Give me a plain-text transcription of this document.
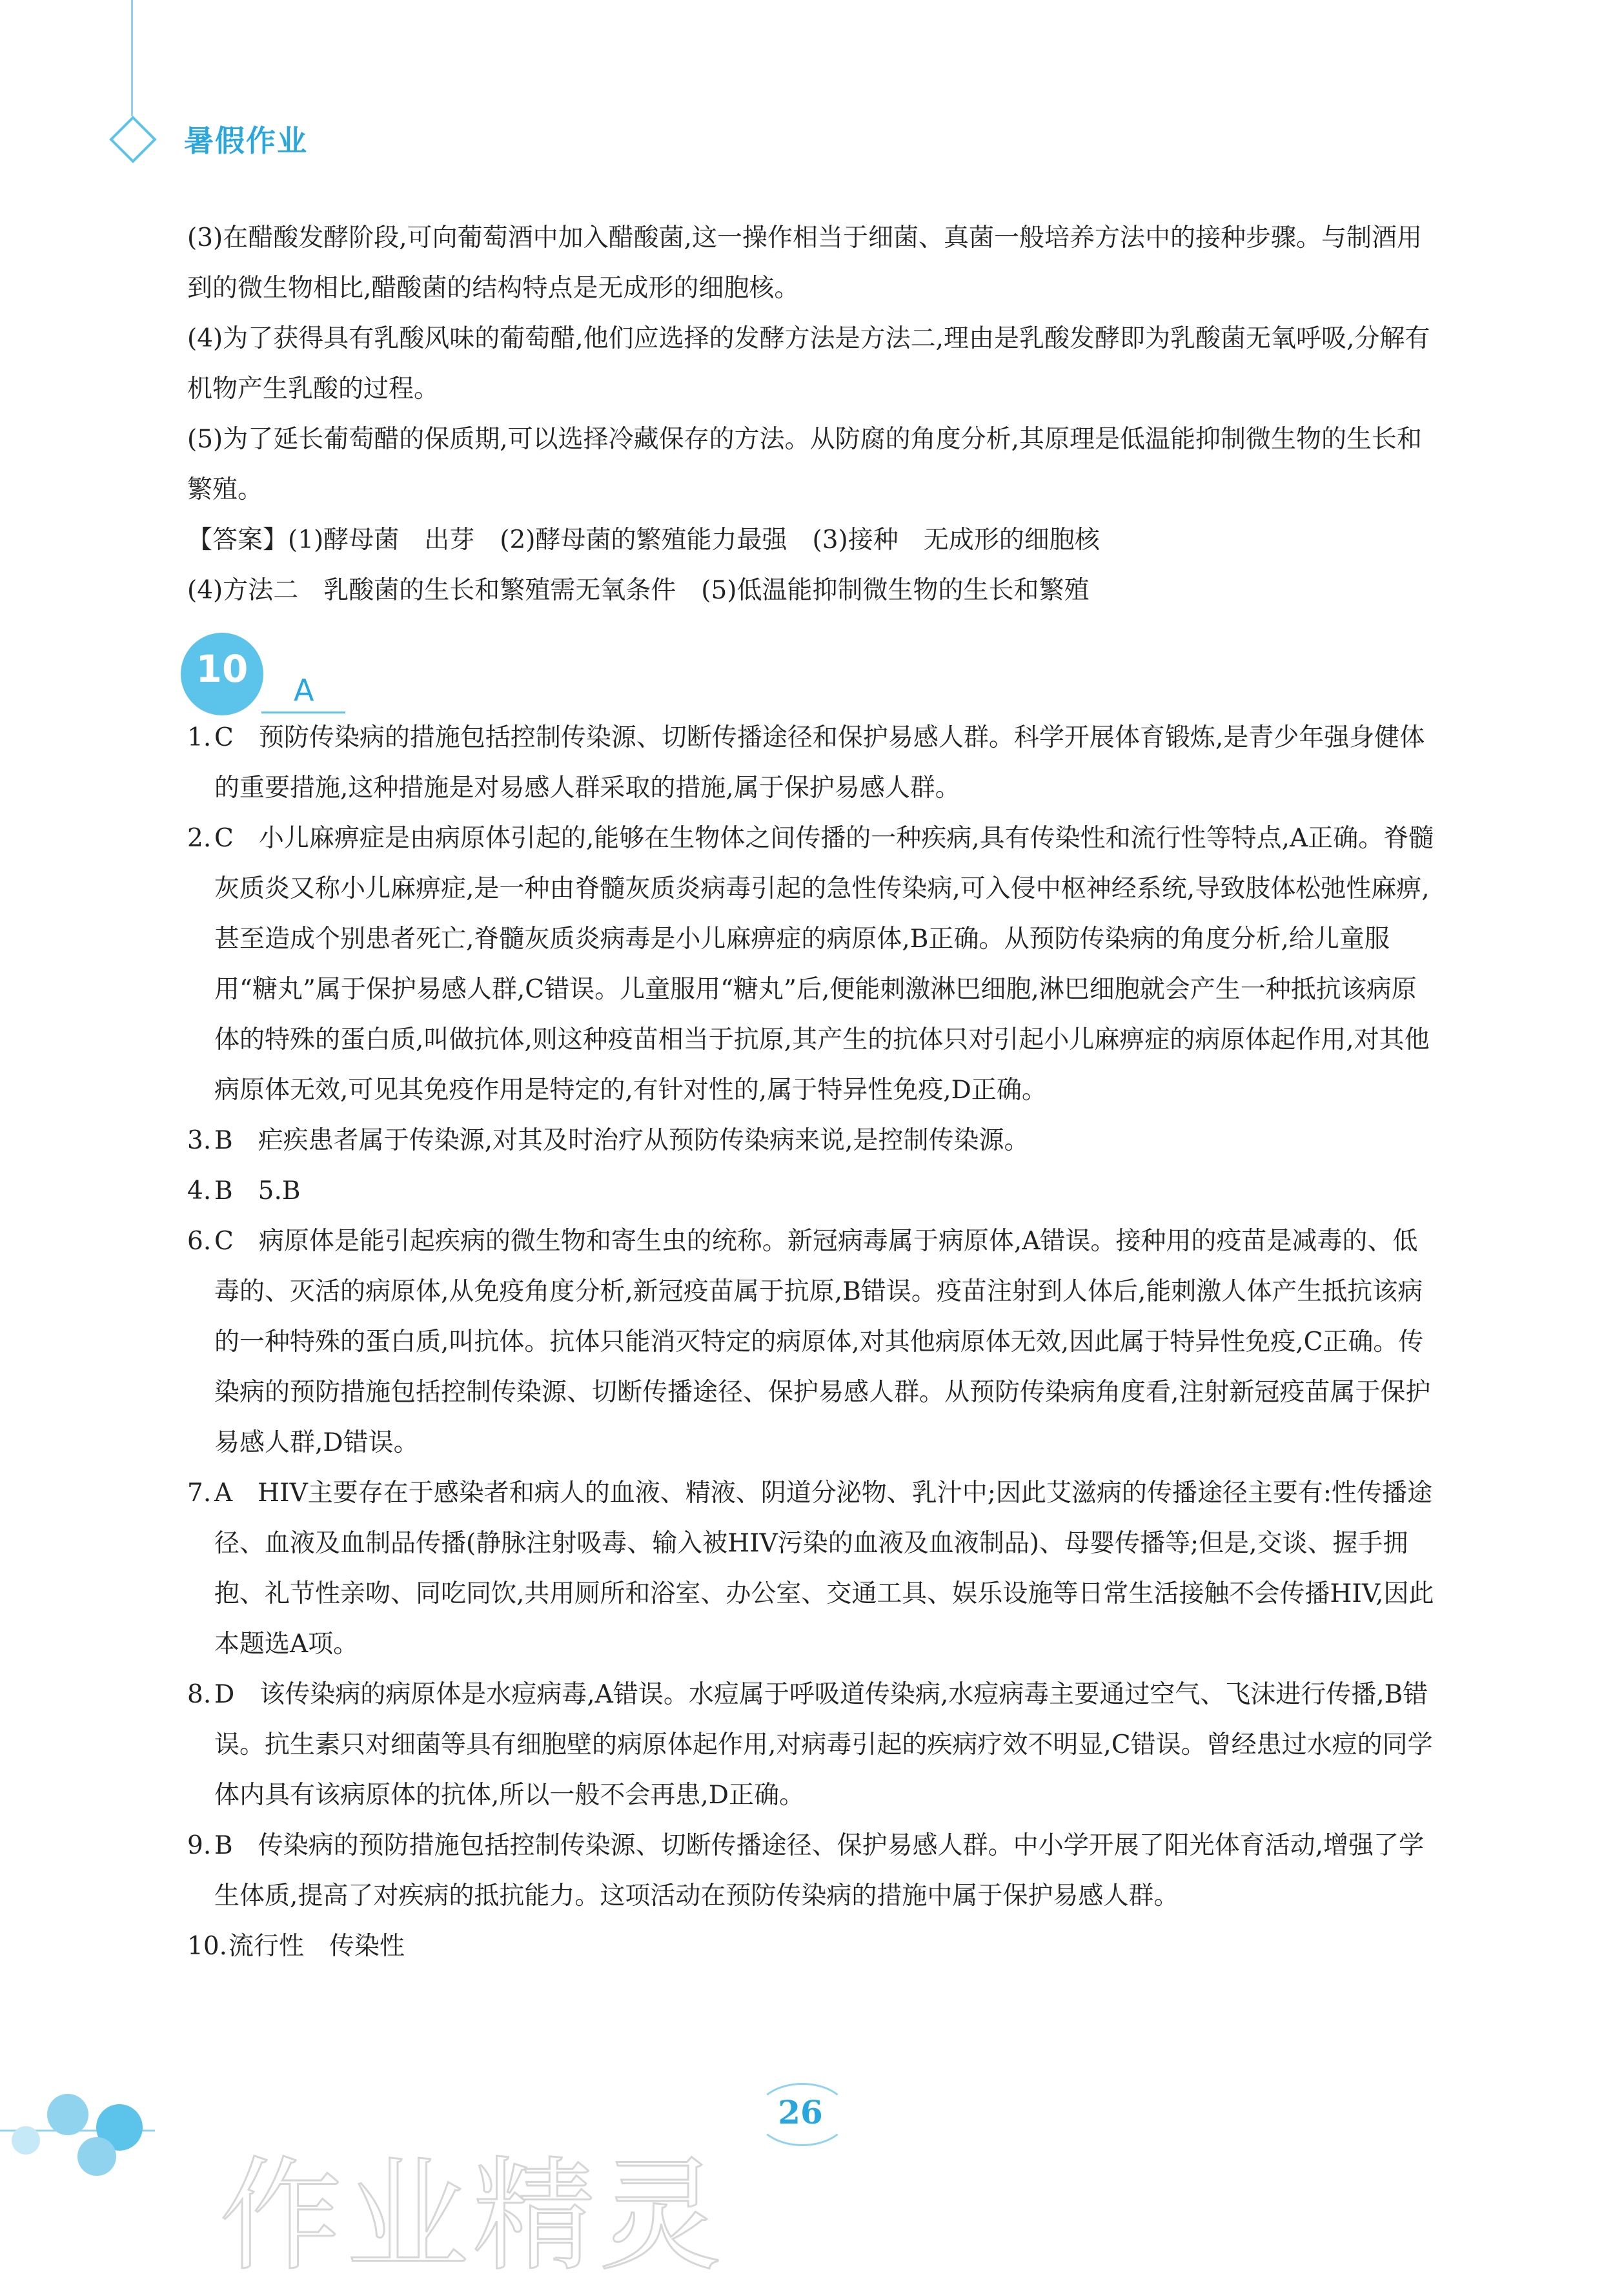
暑假作业

(3)在醋酸发酵阶段,可向葡萄酒中加入醋酸菌,这一操作相当于细菌、真菌一般培养方法中的接种步骤。与制酒用到的微生物相比,醋酸菌的结构特点是无成形的细胞核。

(4)为了获得具有乳酸风味的葡萄醋,他们应选择的发酵方法是方法二,理由是乳酸发酵即为乳酸菌无氧呼吸,分解有机物产生乳酸的过程。

(5)为了延长葡萄醋的保质期,可以选择冷藏保存的方法。从防腐的角度分析,其原理是低温能抑制微生物的生长和繁殖。

【答案】(1)酵母菌　出芽　(2)酵母菌的繁殖能力最强　(3)接种　无成形的细胞核

(4)方法二　乳酸菌的生长和繁殖需无氧条件　(5)低温能抑制微生物的生长和繁殖

1. C　预防传染病的措施包括控制传染源、切断传播途径和保护易感人群。科学开展体育锻炼,是青少年强身健体的重要措施,这种措施是对易感人群采取的措施,属于保护易感人群。
2. C　小儿麻痹症是由病原体引起的,能够在生物体之间传播的一种疾病,具有传染性和流行性等特点,A正确。脊髓灰质炎又称小儿麻痹症,是一种由脊髓灰质炎病毒引起的急性传染病,可入侵中枢神经系统,导致肢体松弛性麻痹,甚至造成个别患者死亡,脊髓灰质炎病毒是小儿麻痹症的病原体,B正确。从预防传染病的角度分析,给儿童服用“糖丸”属于保护易感人群,C错误。儿童服用“糖丸”后,便能刺激淋巴细胞,淋巴细胞就会产生一种抵抗该病原体的特殊的蛋白质,叫做抗体,则这种疫苗相当于抗原,其产生的抗体只对引起小儿麻痹症的病原体起作用,对其他病原体无效,可见其免疫作用是特定的,有针对性的,属于特异性免疫,D正确。
3. B　疟疾患者属于传染源,对其及时治疗从预防传染病来说,是控制传染源。
4. B　5.B
6. C　病原体是能引起疾病的微生物和寄生虫的统称。新冠病毒属于病原体,A错误。接种用的疫苗是减毒的、低毒的、灭活的病原体,从免疫角度分析,新冠疫苗属于抗原,B错误。疫苗注射到人体后,能刺激人体产生抵抗该病的一种特殊的蛋白质,叫抗体。抗体只能消灭特定的病原体,对其他病原体无效,因此属于特异性免疫,C正确。传染病的预防措施包括控制传染源、切断传播途径、保护易感人群。从预防传染病角度看,注射新冠疫苗属于保护易感人群,D错误。
7. A　HIV主要存在于感染者和病人的血液、精液、阴道分泌物、乳汁中;因此艾滋病的传播途径主要有:性传播途径、血液及血制品传播(静脉注射吸毒、输入被HIV污染的血液及血液制品)、母婴传播等;但是,交谈、握手拥抱、礼节性亲吻、同吃同饮,共用厕所和浴室、办公室、交通工具、娱乐设施等日常生活接触不会传播HIV,因此本题选A项。
8. D　该传染病的病原体是水痘病毒,A错误。水痘属于呼吸道传染病,水痘病毒主要通过空气、飞沫进行传播,B错误。抗生素只对细菌等具有细胞壁的病原体起作用,对病毒引起的疾病疗效不明显,C错误。曾经患过水痘的同学体内具有该病原体的抗体,所以一般不会再患,D正确。
9. B　传染病的预防措施包括控制传染源、切断传播途径、保护易感人群。中小学开展了阳光体育活动,增强了学生体质,提高了对疾病的抵抗能力。这项活动在预防传染病的措施中属于保护易感人群。
10. 流行性　传染性
10	A
26
作业精灵
